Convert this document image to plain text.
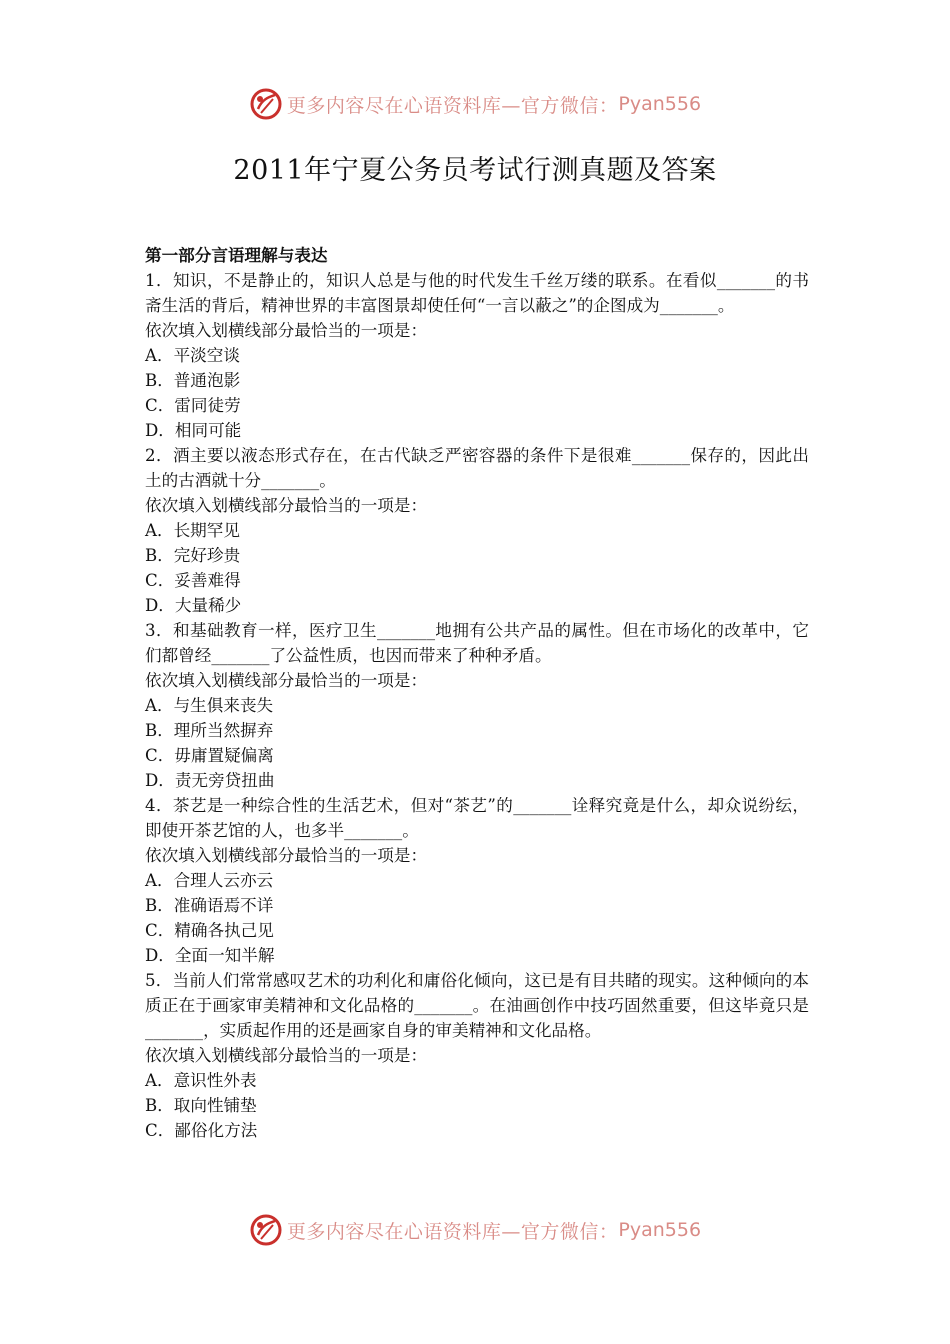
更多内容尽在心语资料库—官方微信： Pyan556
2011年宁夏公务员考试行测真题及答案

第一部分言语理解与表达

1．知识，不是静止的，知识人总是与他的时代发生千丝万缕的联系。在看似_______的书斋生活的背后，精神世界的丰富图景却使任何“一言以蔽之”的企图成为_______。

依次填入划横线部分最恰当的一项是：

A．平淡空谈

B．普通泡影

C．雷同徒劳

D．相同可能

2．酒主要以液态形式存在，在古代缺乏严密容器的条件下是很难_______保存的，因此出土的古酒就十分_______。

依次填入划横线部分最恰当的一项是：

A．长期罕见

B．完好珍贵

C．妥善难得

D．大量稀少

3．和基础教育一样，医疗卫生_______地拥有公共产品的属性。但在市场化的改革中，它们都曾经_______了公益性质，也因而带来了种种矛盾。

依次填入划横线部分最恰当的一项是：

A．与生俱来丧失

B．理所当然摒弃

C．毋庸置疑偏离

D．责无旁贷扭曲

4．茶艺是一种综合性的生活艺术，但对“茶艺”的_______诠释究竟是什么，却众说纷纭，即使开茶艺馆的人，也多半_______。

依次填入划横线部分最恰当的一项是：

A．合理人云亦云

B．准确语焉不详

C．精确各执己见

D．全面一知半解

5．当前人们常常感叹艺术的功利化和庸俗化倾向，这已是有目共睹的现实。这种倾向的本质正在于画家审美精神和文化品格的_______。在油画创作中技巧固然重要，但这毕竟只是_______，实质起作用的还是画家自身的审美精神和文化品格。

依次填入划横线部分最恰当的一项是：

A．意识性外表

B．取向性铺垫

C．鄙俗化方法

更多内容尽在心语资料库—官方微信： Pyan556
